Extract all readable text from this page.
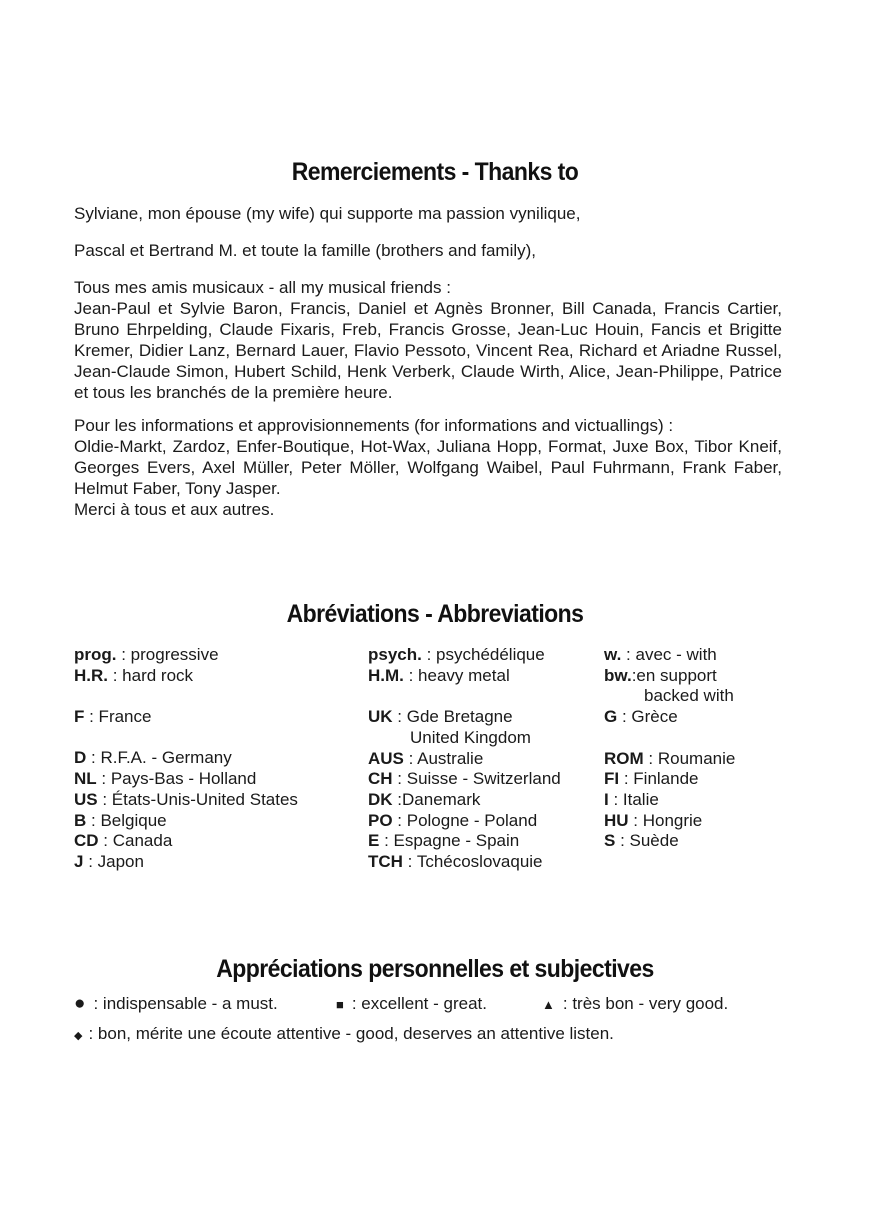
Remerciements - Thanks to

Sylviane, mon épouse (my wife) qui supporte ma passion vynilique,

Pascal et Bertrand M. et toute la famille (brothers and family),

Tous mes amis musicaux - all my musical friends :
Jean-Paul et Sylvie Baron, Francis, Daniel et Agnès Bronner, Bill Canada, Francis Cartier, Bruno Ehrpelding, Claude Fixaris, Freb, Francis Grosse, Jean-Luc Houin, Fancis et Brigitte Kremer, Didier Lanz, Bernard Lauer, Flavio Pessoto, Vincent Rea, Richard et Ariadne Russel, Jean-Claude Simon, Hubert Schild, Henk Verberk, Claude Wirth, Alice, Jean-Philippe, Patrice et tous les branchés de la première heure.
Pour les informations et approvisionnements (for informations and victuallings) :
Oldie-Markt, Zardoz, Enfer-Boutique, Hot-Wax, Juliana Hopp, Format, Juxe Box, Tibor Kneif, Georges Evers, Axel Müller, Peter Möller, Wolfgang Waibel, Paul Fuhrmann, Frank Faber, Helmut Faber, Tony Jasper.
Merci à tous et aux autres.
Abréviations - Abbreviations
prog. : progressive
H.R. : hard rock
F : France
D : R.F.A. - Germany
NL : Pays-Bas - Holland
US : États-Unis-United States
B : Belgique
CD : Canada
J : Japon
psych. : psychédélique
H.M. : heavy metal
UK : Gde Bretagne
United Kingdom
AUS : Australie
CH : Suisse - Switzerland
DK :Danemark
PO : Pologne - Poland
E : Espagne - Spain
TCH : Tchécoslovaquie
w. : avec - with
bw.:en support
backed with
G : Grèce
ROM : Roumanie
FI : Finlande
I : Italie
HU : Hongrie
S : Suède
Appréciations personnelles et subjectives
● : indispensable - a must.	■ : excellent - great.	▲ : très bon - very good.
◆ : bon, mérite une écoute attentive - good, deserves an attentive listen.
